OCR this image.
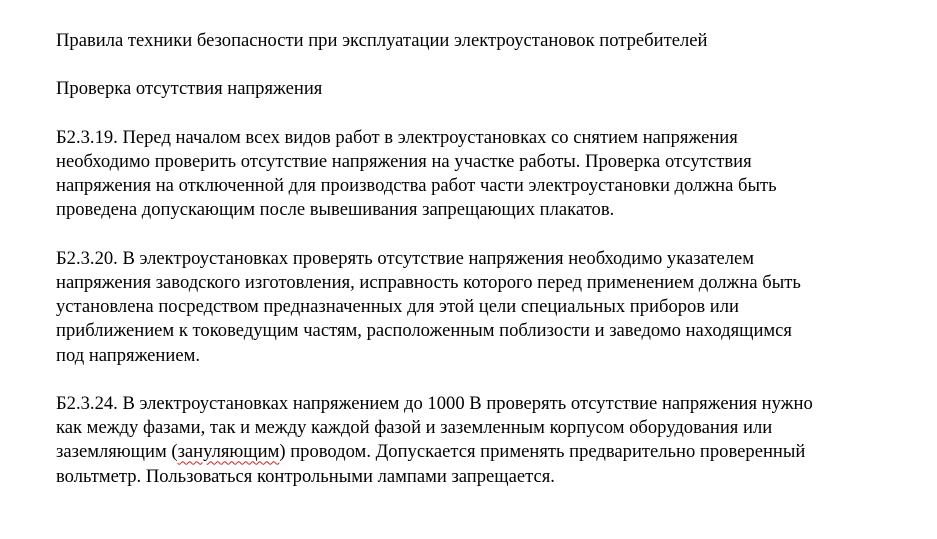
Правила техники безопасности при эксплуатации электроустановок потребителей

Проверка отсутствия напряжения

Б2.3.19. Перед началом всех видов работ в электроустановках со снятием напряжения

необходимо проверить отсутствие напряжения на участке работы. Проверка отсутствия

напряжения на отключенной для производства работ части электроустановки должна быть

проведена допускающим после вывешивания запрещающих плакатов.

Б2.3.20. В электроустановках проверять отсутствие напряжения необходимо указателем

напряжения заводского изготовления, исправность которого перед применением должна быть

установлена посредством предназначенных для этой цели специальных приборов или

приближением к токоведущим частям, расположенным поблизости и заведомо находящимся

под напряжением.

Б2.3.24. В электроустановках напряжением до 1000 В проверять отсутствие напряжения нужно

как между фазами, так и между каждой фазой и заземленным корпусом оборудования или

заземляющим (зануляющим) проводом. Допускается применять предварительно проверенный

вольтметр. Пользоваться контрольными лампами запрещается.
